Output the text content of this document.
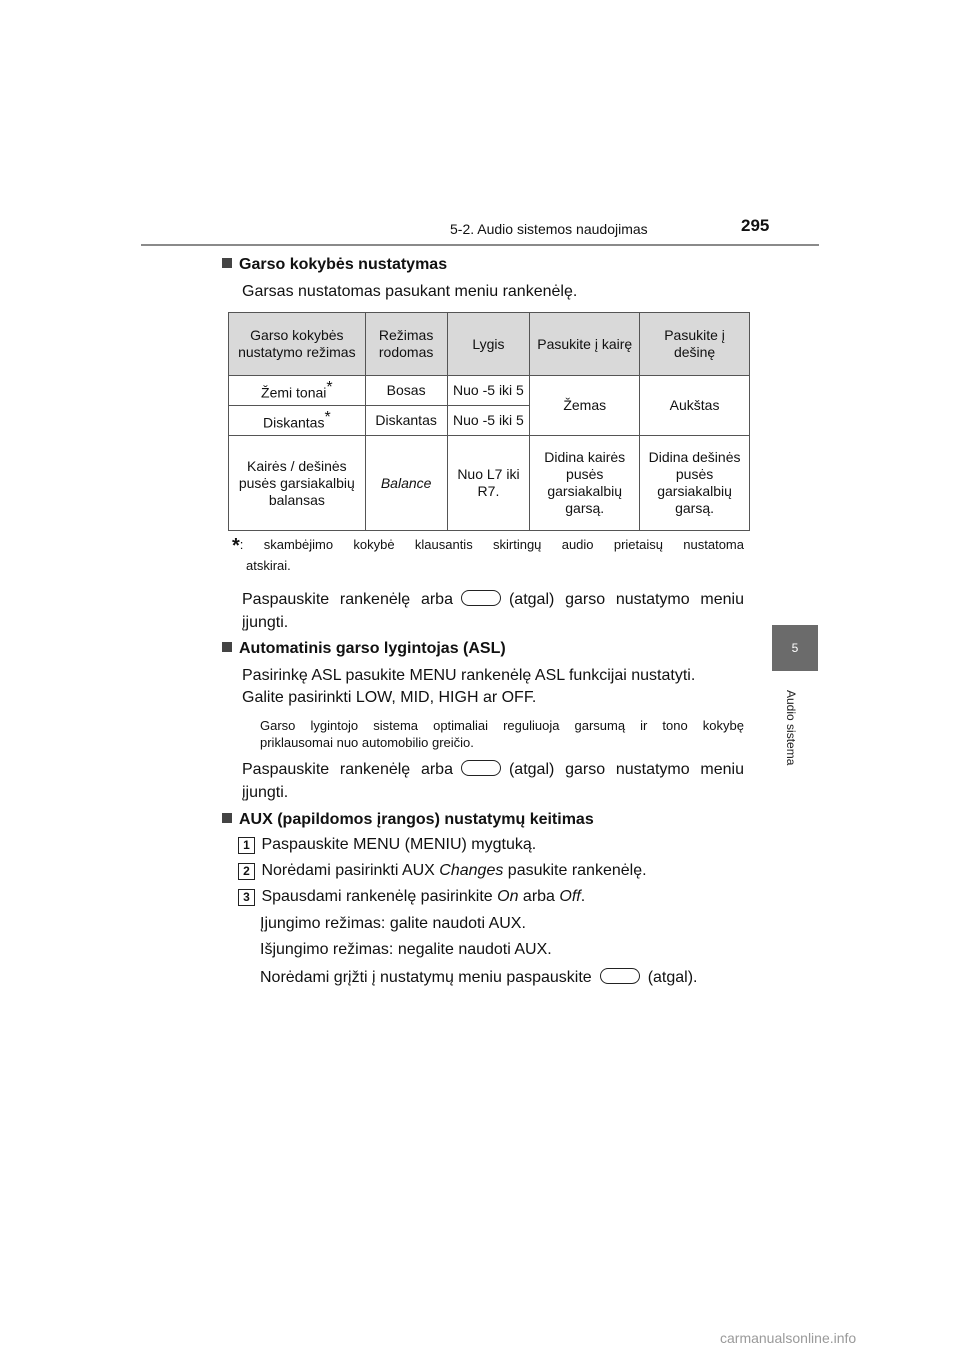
5-2. Audio sistemos naudojimas	295
5
Audio sistema
Garso kokybės nustatymas
Garsas nustatomas pasukant meniu rankenėlę.
Garso kokybės nustatymo režimas	Režimas rodomas	Lygis	Pasukite į kairę	Pasukite į dešinę
Žemi tonai*	Bosas	Nuo -5 iki 5	Žemas	Aukštas
Diskantas*	Diskantas	Nuo -5 iki 5		
Kairės / dešinės pusės garsiakalbių balansas	Balance	Nuo L7 iki R7.	Didina kairės pusės garsiakalbių garsą.	Didina dešinės pusės garsiakalbių garsą.
*: skambėjimo kokybė klausantis skirtingų audio prietaisų nustatoma
atskirai.
Paspauskite rankenėlę arba	(atgal) garso nustatymo meniu
įjungti.
Automatinis garso lygintojas (ASL)
Pasirinkę ASL pasukite MENU rankenėlę ASL funkcijai nustatyti.
Galite pasirinkti LOW, MID, HIGH ar OFF.
Garso lygintojo sistema optimaliai reguliuoja garsumą ir tono kokybę
priklausomai nuo automobilio greičio.
Paspauskite rankenėlę arba	(atgal) garso nustatymo meniu
įjungti.
AUX (papildomos įrangos) nustatymų keitimas
1 Paspauskite MENU (MENIU) mygtuką.
2 Norėdami pasirinkti AUX Changes pasukite rankenėlę.
3 Spausdami rankenėlę pasirinkite On arba Off.
Įjungimo režimas: galite naudoti AUX.
Išjungimo režimas: negalite naudoti AUX.
Norėdami grįžti į nustatymų meniu paspauskite	(atgal).
carmanualsonline.info
